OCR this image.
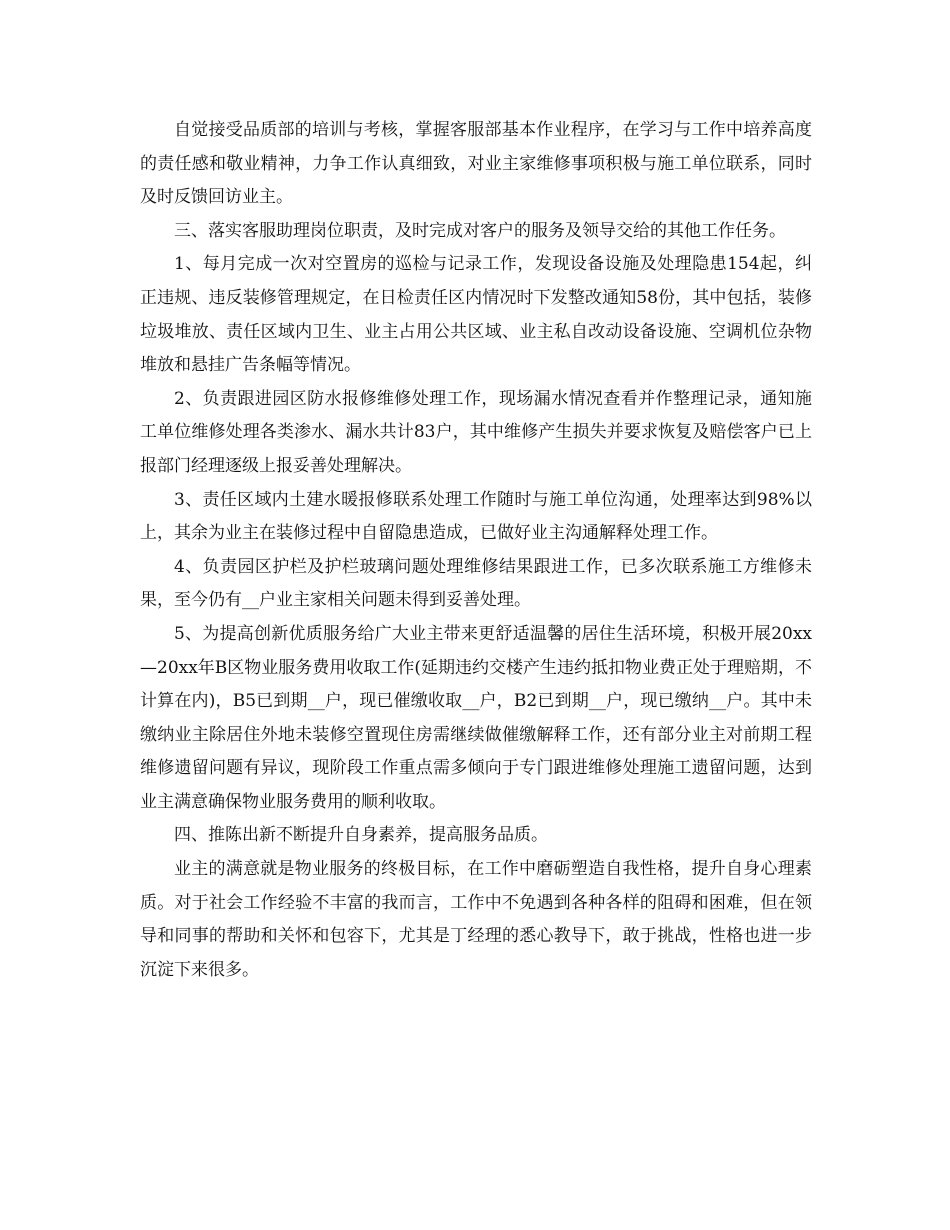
自觉接受品质部的培训与考核，掌握客服部基本作业程序，在学习与工作中培养高度的责任感和敬业精神，力争工作认真细致，对业主家维修事项积极与施工单位联系，同时及时反馈回访业主。

三、落实客服助理岗位职责，及时完成对客户的服务及领导交给的其他工作任务。

1、每月完成一次对空置房的巡检与记录工作，发现设备设施及处理隐患154起，纠正违规、违反装修管理规定，在日检责任区内情况时下发整改通知58份，其中包括，装修垃圾堆放、责任区域内卫生、业主占用公共区域、业主私自改动设备设施、空调机位杂物堆放和悬挂广告条幅等情况。

2、负责跟进园区防水报修维修处理工作，现场漏水情况查看并作整理记录，通知施工单位维修处理各类渗水、漏水共计83户，其中维修产生损失并要求恢复及赔偿客户已上报部门经理逐级上报妥善处理解决。

3、责任区域内土建水暖报修联系处理工作随时与施工单位沟通，处理率达到98%以上，其余为业主在装修过程中自留隐患造成，已做好业主沟通解释处理工作。

4、负责园区护栏及护栏玻璃问题处理维修结果跟进工作，已多次联系施工方维修未果，至今仍有__户业主家相关问题未得到妥善处理。

5、为提高创新优质服务给广大业主带来更舒适温馨的居住生活环境，积极开展20xx—20xx年B区物业服务费用收取工作(延期违约交楼产生违约抵扣物业费正处于理赔期，不计算在内)，B5已到期__户，现已催缴收取__户，B2已到期__户，现已缴纳__户。其中未缴纳业主除居住外地未装修空置现住房需继续做催缴解释工作，还有部分业主对前期工程维修遗留问题有异议，现阶段工作重点需多倾向于专门跟进维修处理施工遗留问题，达到业主满意确保物业服务费用的顺利收取。

四、推陈出新不断提升自身素养，提高服务品质。

业主的满意就是物业服务的终极目标，在工作中磨砺塑造自我性格，提升自身心理素质。对于社会工作经验不丰富的我而言，工作中不免遇到各种各样的阻碍和困难，但在领导和同事的帮助和关怀和包容下，尤其是丁经理的悉心教导下，敢于挑战，性格也进一步沉淀下来很多。
